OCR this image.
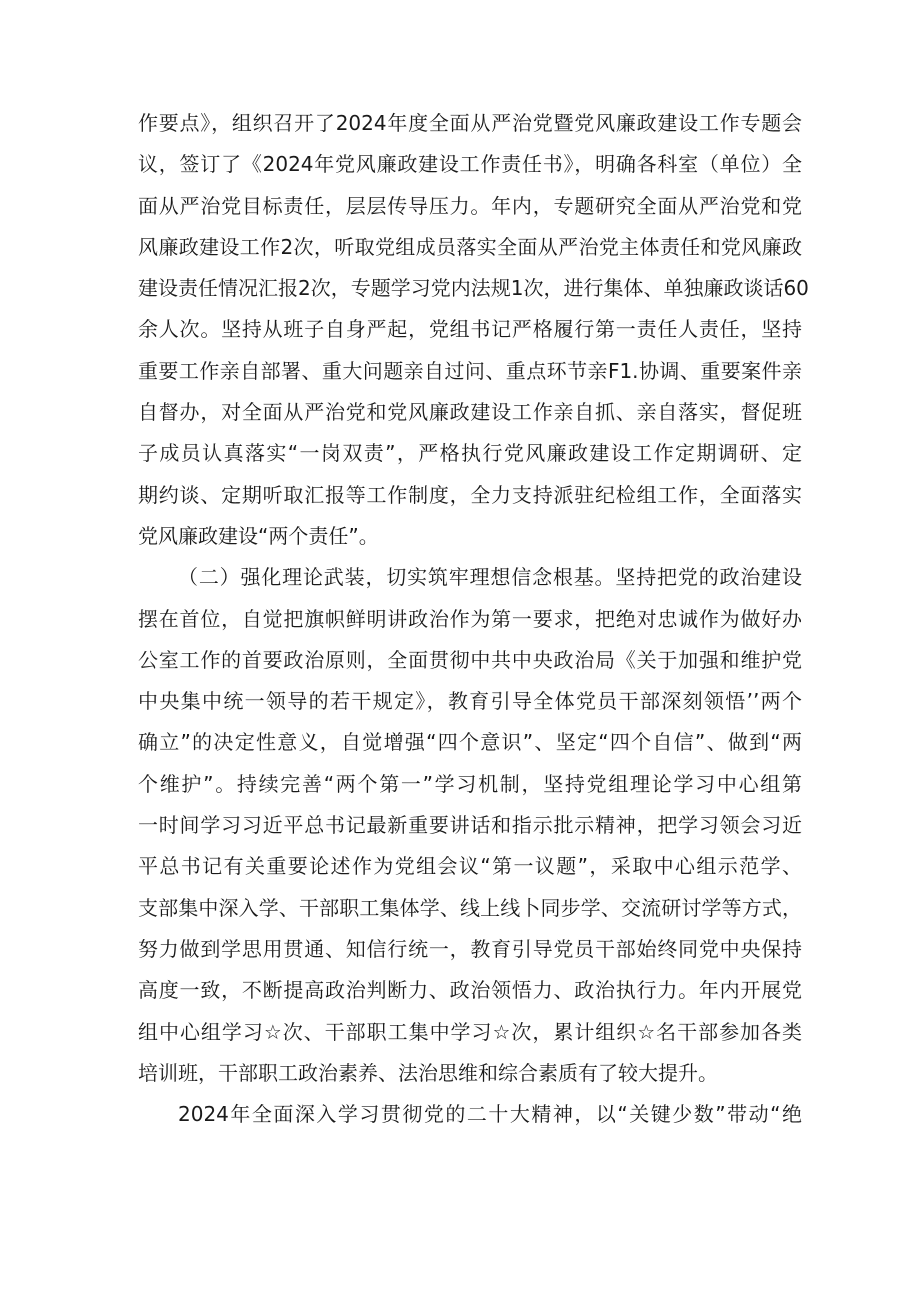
作要点》，组织召开了2024年度全面从严治党暨党风廉政建设工作专题会
议，签订了《2024年党风廉政建设工作责任书》，明确各科室（单位）全
面从严治党目标责任，层层传导压力。年内，专题研究全面从严治党和党
风廉政建设工作2次，听取党组成员落实全面从严治党主体责任和党风廉政
建设责任情况汇报2次，专题学习党内法规1次，进行集体、单独廉政谈话60
余人次。坚持从班子自身严起，党组书记严格履行第一责任人责任，坚持
重要工作亲自部署、重大问题亲自过问、重点环节亲F1.协调、重要案件亲
自督办，对全面从严治党和党风廉政建设工作亲自抓、亲自落实，督促班
子成员认真落实“一岗双责”，严格执行党风廉政建设工作定期调研、定
期约谈、定期听取汇报等工作制度，全力支持派驻纪检组工作，全面落实
党风廉政建设“两个责任”。
（二）强化理论武装，切实筑牢理想信念根基。坚持把党的政治建设
摆在首位，自觉把旗帜鲜明讲政治作为第一要求，把绝对忠诚作为做好办
公室工作的首要政治原则，全面贯彻中共中央政治局《关于加强和维护党
中央集中统一领导的若干规定》，教育引导全体党员干部深刻领悟’’两个
确立”的决定性意义，自觉增强“四个意识”、坚定“四个自信”、做到“两
个维护”。持续完善“两个第一”学习机制，坚持党组理论学习中心组第
一时间学习习近平总书记最新重要讲话和指示批示精神，把学习领会习近
平总书记有关重要论述作为党组会议“第一议题”，采取中心组示范学、
支部集中深入学、干部职工集体学、线上线卜同步学、交流研讨学等方式，
努力做到学思用贯通、知信行统一，教育引导党员干部始终同党中央保持
高度一致，不断提高政治判断力、政治领悟力、政治执行力。年内开展党
组中心组学习☆次、干部职工集中学习☆次，累计组织☆名干部参加各类
培训班，干部职工政治素养、法治思维和综合素质有了较大提升。
2024年全面深入学习贯彻党的二十大精神，以“关键少数”带动“绝
